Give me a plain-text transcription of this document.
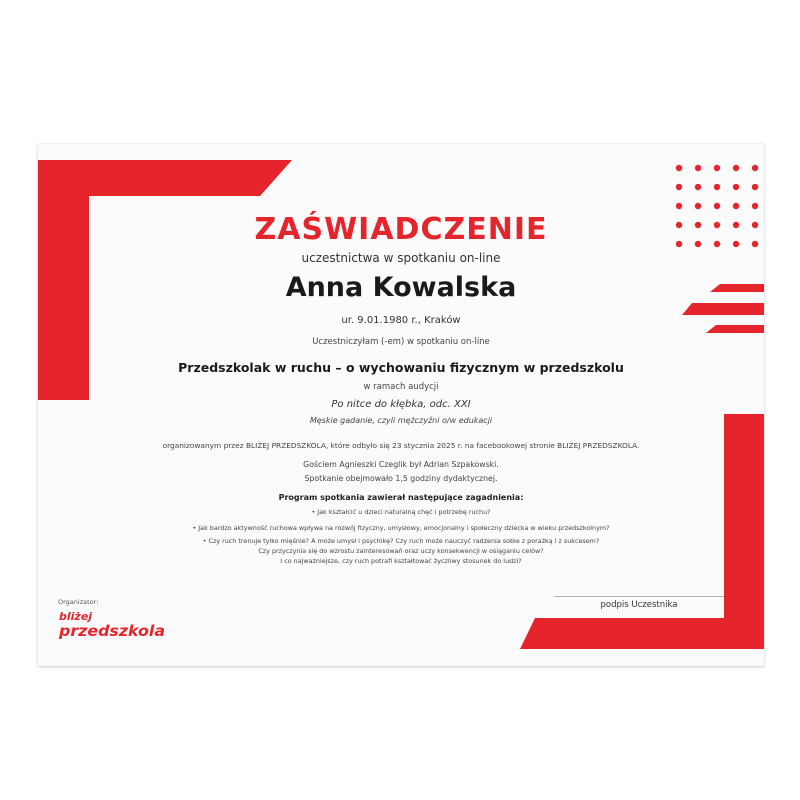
ZAŚWIADCZENIE
uczestnictwa w spotkaniu on-line
Anna Kowalska
ur. 9.01.1980 r., Kraków
Uczestniczyłam (-em) w spotkaniu on-line
Przedszkolak w ruchu – o wychowaniu fizycznym w przedszkolu
w ramach audycji
Po nitce do kłębka, odc. XXI
Męskie gadanie, czyli mężczyźni o/w edukacji
organizowanym przez BLIŻEJ PRZEDSZKOLA, które odbyło się 23 stycznia 2025 r. na facebookowej stronie BLIŻEJ PRZEDSZKOLA.
Gościem Agnieszki Czeglik był Adrian Szpakowski.
Spotkanie obejmowało 1,5 godziny dydaktycznej.
Program spotkania zawierał następujące zagadnienia:
• Jak kształcić u dzieci naturalną chęć i potrzebę ruchu?
• Jak bardzo aktywność ruchowa wpływa na rozwój fizyczny, umysłowy, emocjonalny i społeczny dziecka w wieku przedszkolnym?
• Czy ruch trenuje tylko mięśnie? A może umysł i psychikę? Czy ruch może nauczyć radzenia sobie z porażką i z sukcesem?
Czy przyczynia się do wzrostu zainteresowań oraz uczy konsekwencji w osiąganiu celów?
I co najważniejsze, czy ruch potrafi kształtować życzliwy stosunek do ludzi?
podpis Uczestnika
Organizator:
bliżej
przedszkola
